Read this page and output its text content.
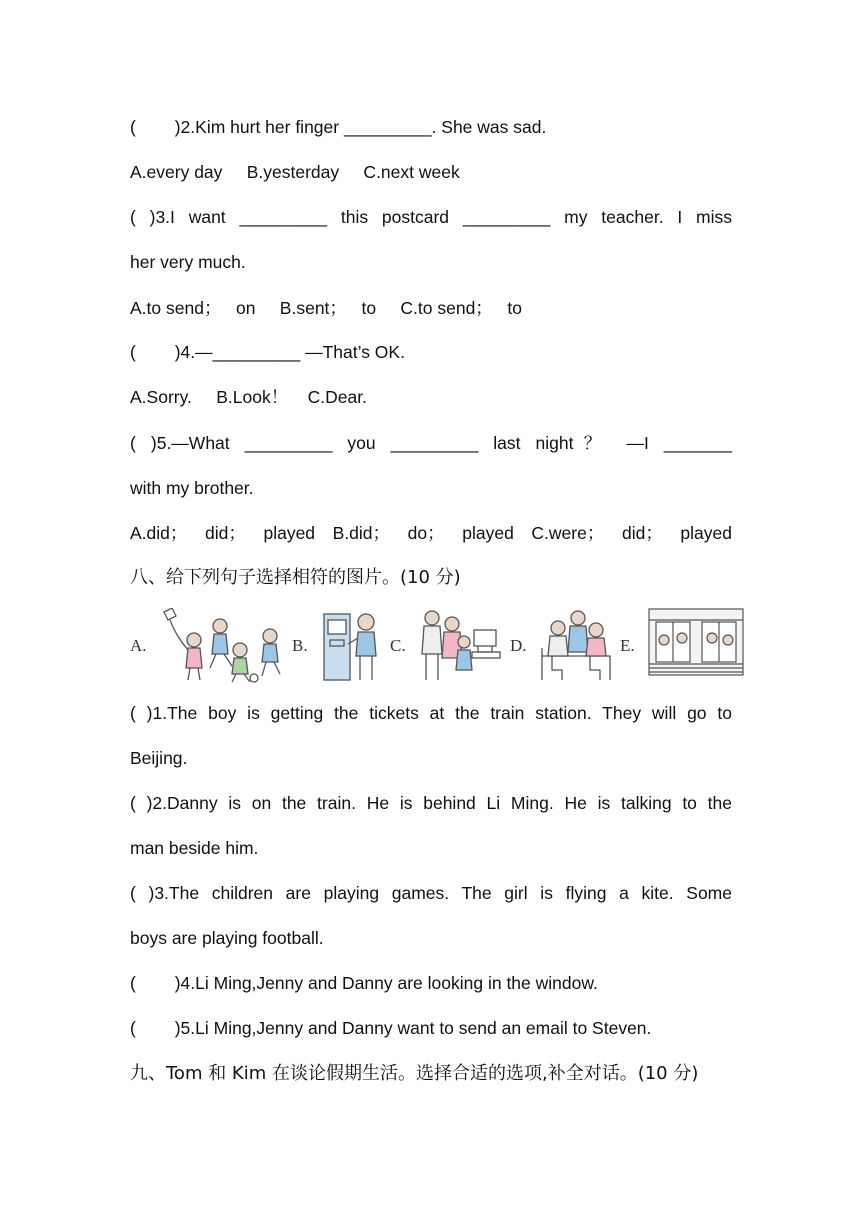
(        )2.Kim hurt her finger _________. She was sad.
A.every day     B.yesterday     C.next week
( )3.I want _________ this postcard _________ my teacher. I miss
her very much.
A.to send；   on     B.sent；   to     C.to send；   to
(        )4.—_________ —That’s OK.
A.Sorry.     B.Look！    C.Dear.
( )5.—What _________ you _________ last night？ —I _______
with my brother.
A.did； did； played B.did； do； played C.were； did； played
八、给下列句子选择相符的图片。(10 分)
A.	B.	C.	D.	E.
( )1.The boy is getting the tickets at the train station. They will go to
Beijing.
( )2.Danny is on the train. He is behind Li Ming. He is talking to the
man beside him.
( )3.The children are playing games. The girl is flying a kite. Some
boys are playing football.
(        )4.Li Ming,Jenny and Danny are looking in the window.
(        )5.Li Ming,Jenny and Danny want to send an email to Steven.
九、Tom 和 Kim 在谈论假期生活。选择合适的选项,补全对话。(10 分)
